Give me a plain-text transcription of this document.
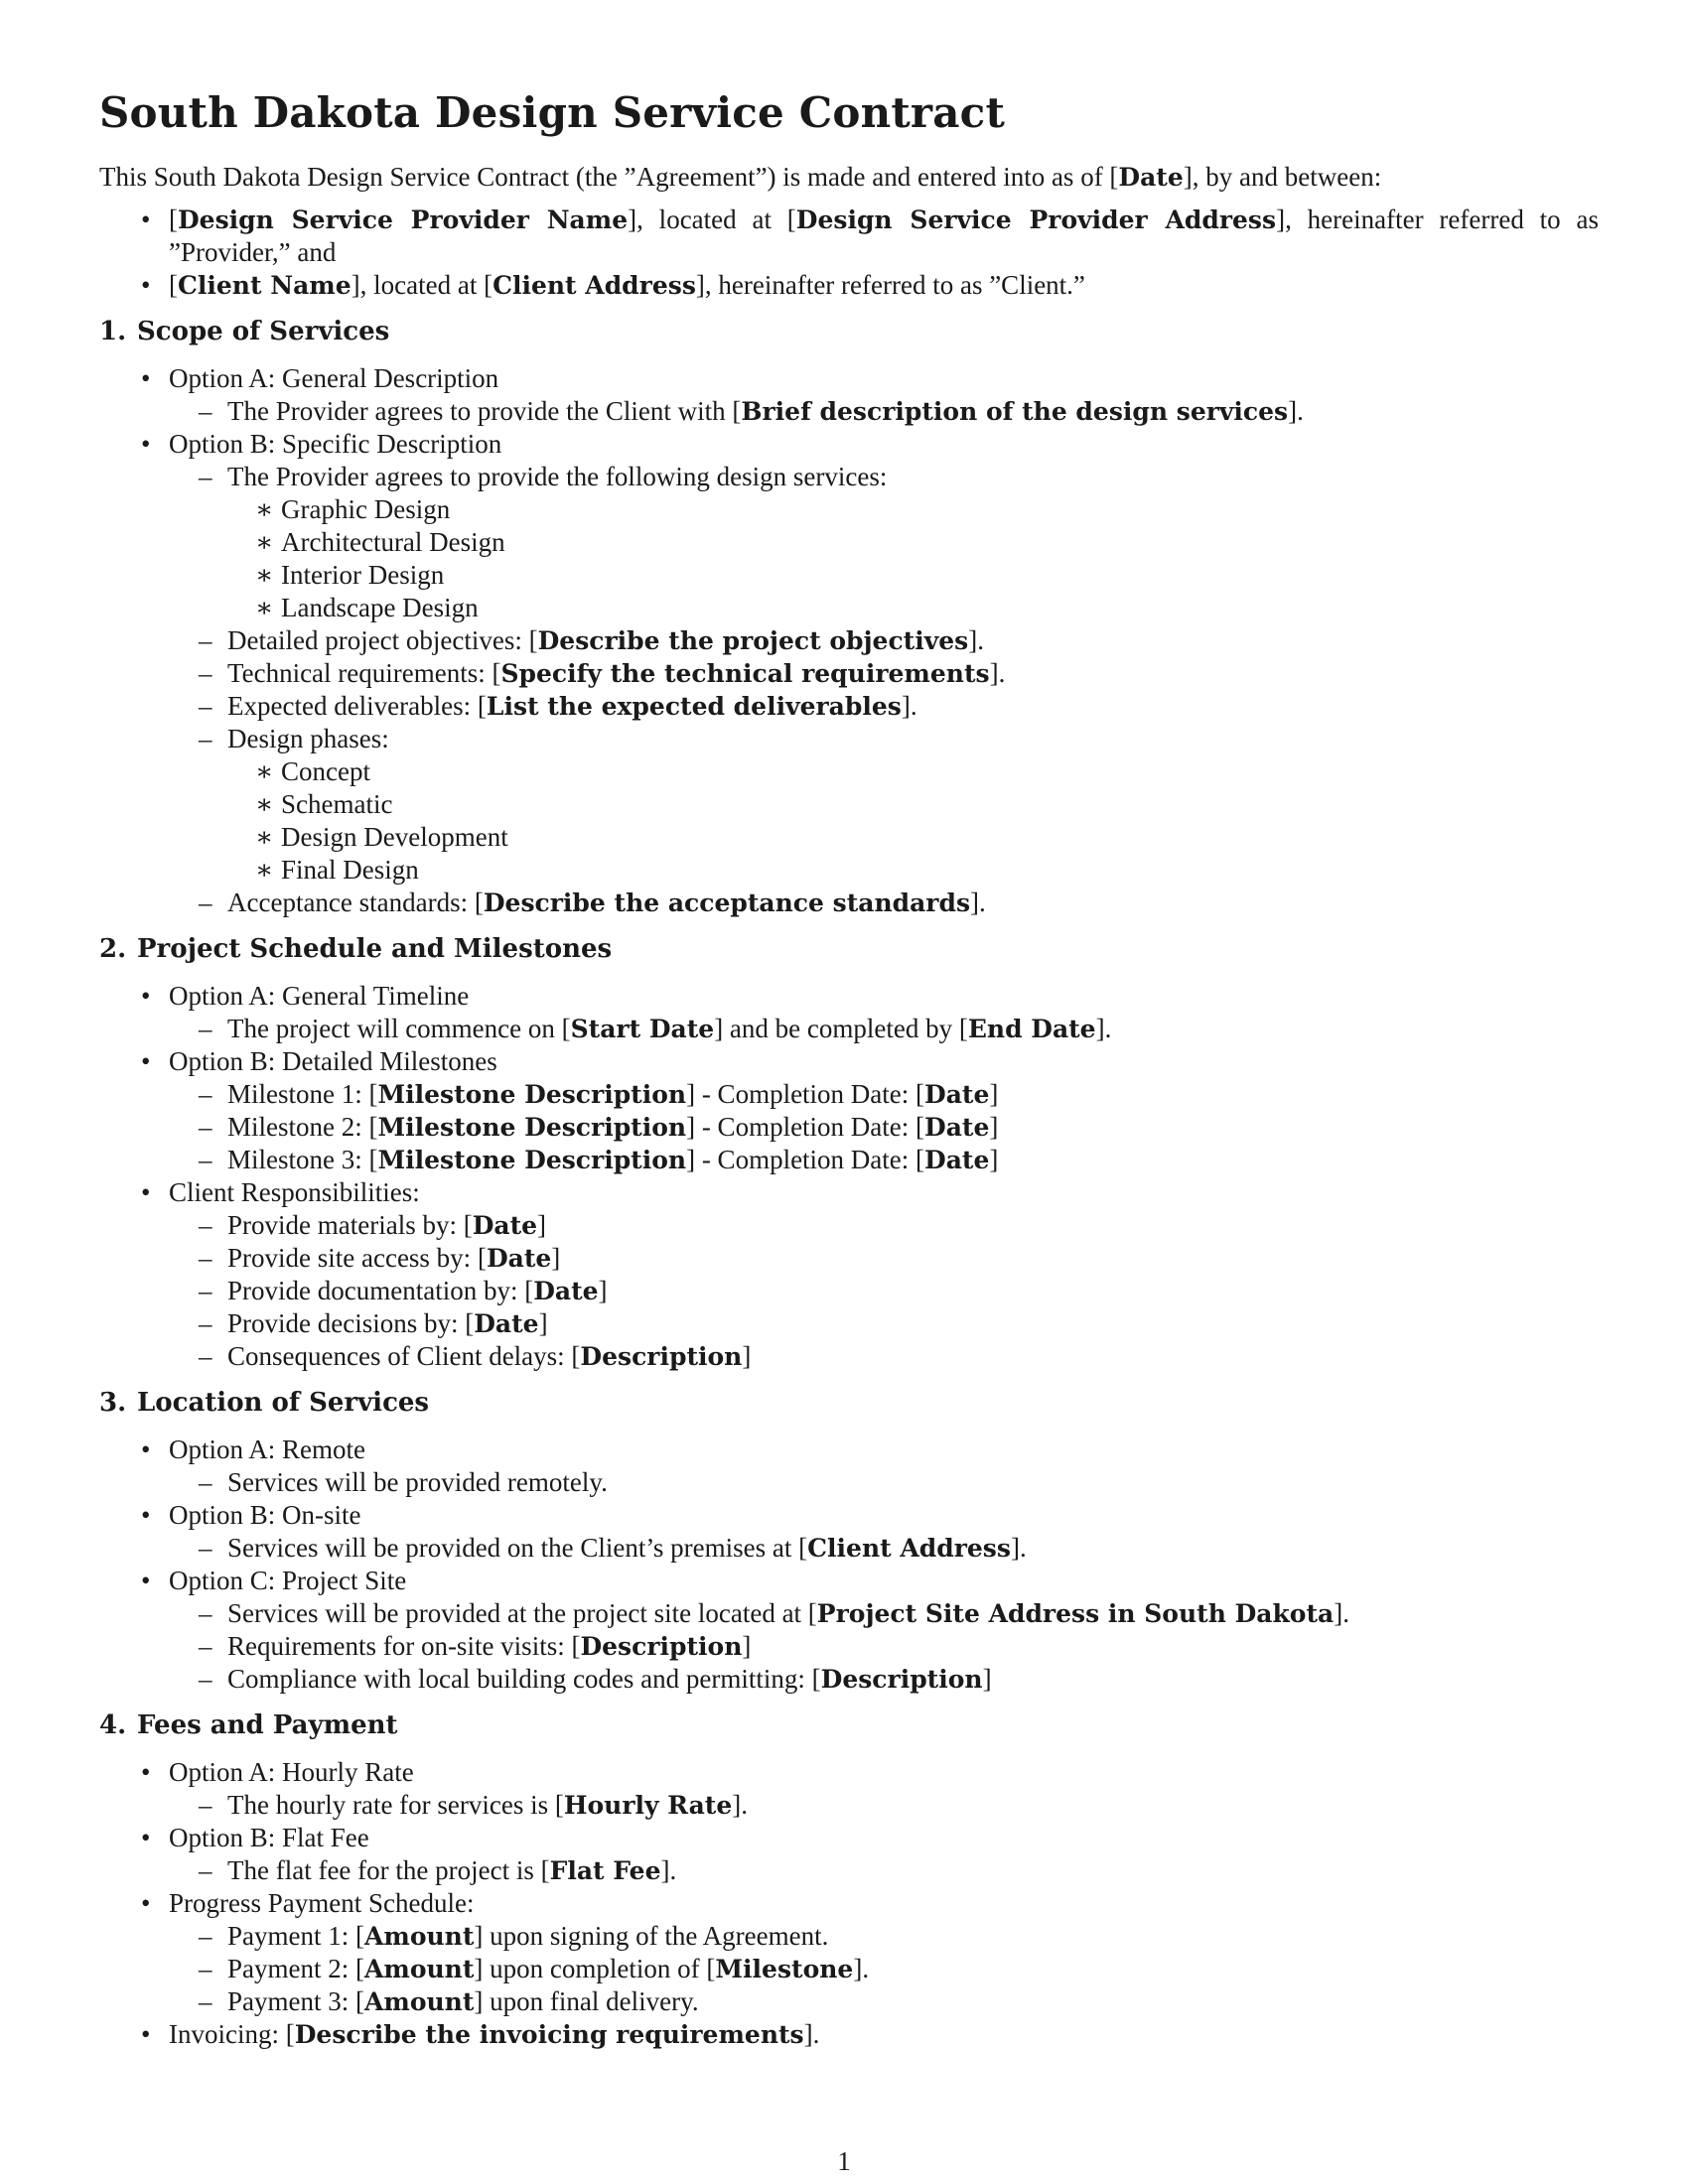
South Dakota Design Service Contract

This South Dakota Design Service Contract (the ”Agreement”) is made and entered into as of [Date], by and between:

• [Design Service Provider Name], located at [Design Service Provider Address], hereinafter referred to as ”Provider,” and
• [Client Name], located at [Client Address], hereinafter referred to as ”Client.”
1. Scope of Services
• Option A: General Description
– The Provider agrees to provide the Client with [Brief description of the design services].
• Option B: Specific Description
– The Provider agrees to provide the following design services:
∗ Graphic Design
∗ Architectural Design
∗ Interior Design
∗ Landscape Design
– Detailed project objectives: [Describe the project objectives].
– Technical requirements: [Specify the technical requirements].
– Expected deliverables: [List the expected deliverables].
– Design phases:
∗ Concept
∗ Schematic
∗ Design Development
∗ Final Design
– Acceptance standards: [Describe the acceptance standards].
2. Project Schedule and Milestones
• Option A: General Timeline
– The project will commence on [Start Date] and be completed by [End Date].
• Option B: Detailed Milestones
– Milestone 1: [Milestone Description] - Completion Date: [Date]
– Milestone 2: [Milestone Description] - Completion Date: [Date]
– Milestone 3: [Milestone Description] - Completion Date: [Date]
• Client Responsibilities:
– Provide materials by: [Date]
– Provide site access by: [Date]
– Provide documentation by: [Date]
– Provide decisions by: [Date]
– Consequences of Client delays: [Description]
3. Location of Services
• Option A: Remote
– Services will be provided remotely.
• Option B: On-site
– Services will be provided on the Client’s premises at [Client Address].
• Option C: Project Site
– Services will be provided at the project site located at [Project Site Address in South Dakota].
– Requirements for on-site visits: [Description]
– Compliance with local building codes and permitting: [Description]
4. Fees and Payment
• Option A: Hourly Rate
– The hourly rate for services is [Hourly Rate].
• Option B: Flat Fee
– The flat fee for the project is [Flat Fee].
• Progress Payment Schedule:
– Payment 1: [Amount] upon signing of the Agreement.
– Payment 2: [Amount] upon completion of [Milestone].
– Payment 3: [Amount] upon final delivery.
• Invoicing: [Describe the invoicing requirements].
1
